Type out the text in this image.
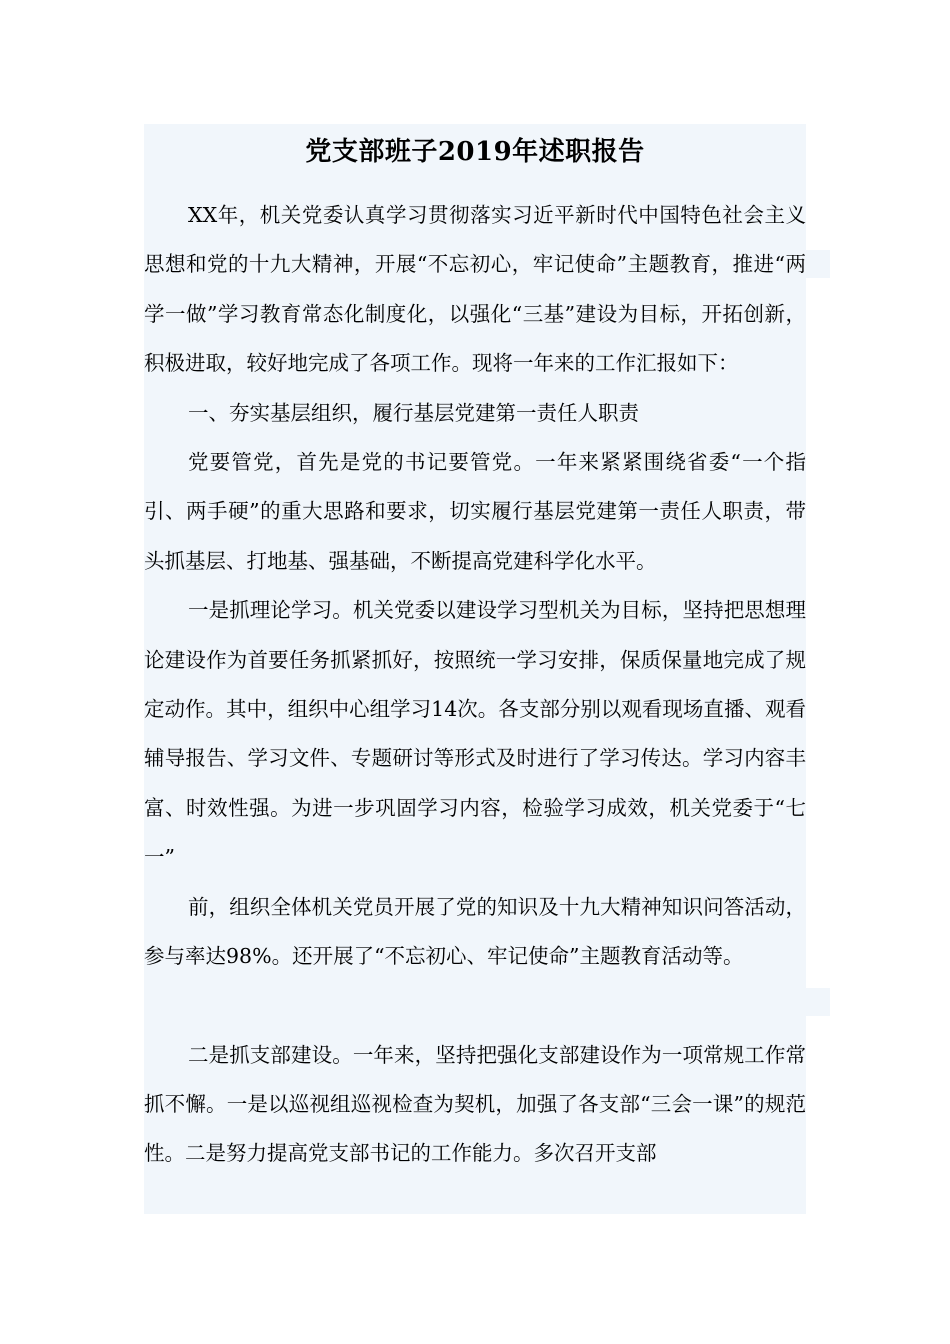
党支部班子2019年述职报告

XX年，机关党委认真学习贯彻落实习近平新时代中国特色社会主义思想和党的十九大精神，开展“不忘初心，牢记使命”主题教育，推进“两学一做”学习教育常态化制度化，以强化“三基”建设为目标，开拓创新，积极进取，较好地完成了各项工作。现将一年来的工作汇报如下：

一、夯实基层组织，履行基层党建第一责任人职责

党要管党，首先是党的书记要管党。一年来紧紧围绕省委“一个指引、两手硬”的重大思路和要求，切实履行基层党建第一责任人职责，带头抓基层、打地基、强基础，不断提高党建科学化水平。

一是抓理论学习。机关党委以建设学习型机关为目标，坚持把思想理论建设作为首要任务抓紧抓好，按照统一学习安排，保质保量地完成了规定动作。其中，组织中心组学习14次。各支部分别以观看现场直播、观看辅导报告、学习文件、专题研讨等形式及时进行了学习传达。学习内容丰富、时效性强。为进一步巩固学习内容，检验学习成效，机关党委于“七一”

前，组织全体机关党员开展了党的知识及十九大精神知识问答活动，参与率达98%。还开展了“不忘初心、牢记使命”主题教育活动等。

二是抓支部建设。一年来，坚持把强化支部建设作为一项常规工作常抓不懈。一是以巡视组巡视检查为契机，加强了各支部“三会一课”的规范性。二是努力提高党支部书记的工作能力。多次召开支部
